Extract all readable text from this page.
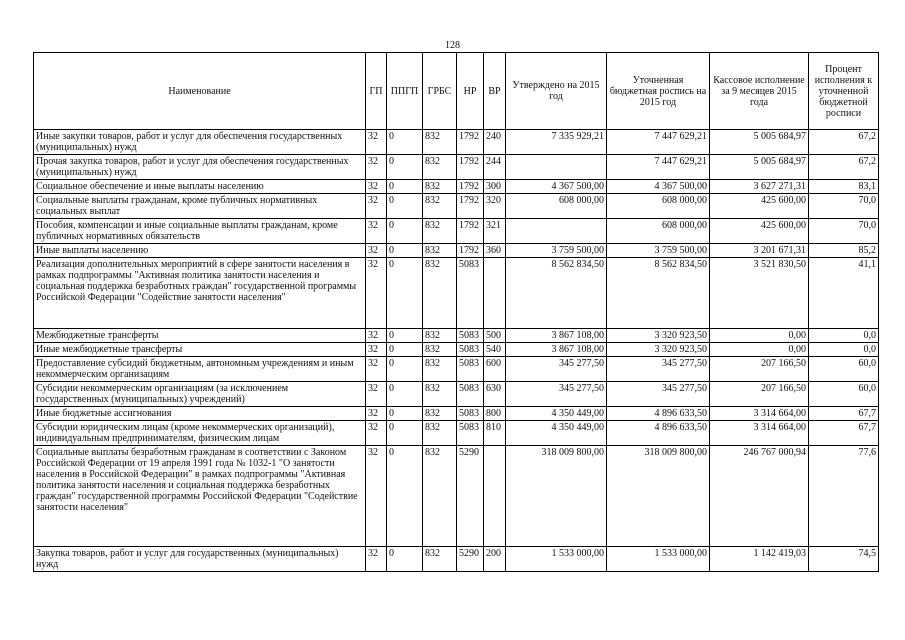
128
Наименование	ГП	ППГП	ГРБС	НР	ВР	Утверждено на 2015 год	Уточненная бюджетная роспись на 2015 год	Кассовое исполнение за 9 месяцев 2015 года	Процент исполнения к уточненной бюджетной росписи
Иные закупки товаров, работ и услуг для обеспечения государственных (муниципальных) нужд	32	0	832	1792	240	7 335 929,21	7 447 629,21	5 005 684,97	67,2
Прочая закупка товаров, работ и услуг для обеспечения государственных (муниципальных) нужд	32	0	832	1792	244		7 447 629,21	5 005 684,97	67,2
Социальное обеспечение и иные выплаты населению	32	0	832	1792	300	4 367 500,00	4 367 500,00	3 627 271,31	83,1
Социальные выплаты гражданам, кроме публичных нормативных социальных выплат	32	0	832	1792	320	608 000,00	608 000,00	425 600,00	70,0
Пособия, компенсации и иные социальные выплаты гражданам, кроме публичных нормативных обязательств	32	0	832	1792	321		608 000,00	425 600,00	70,0
Иные выплаты населению	32	0	832	1792	360	3 759 500,00	3 759 500,00	3 201 671,31	85,2
Реализация дополнительных мероприятий в сфере занятости населения в рамках подпрограммы "Активная политика занятости населения и социальная поддержка безработных граждан" государственной программы Российской Федерации "Содействие занятости населения"	32	0	832	5083		8 562 834,50	8 562 834,50	3 521 830,50	41,1
Межбюджетные трансферты	32	0	832	5083	500	3 867 108,00	3 320 923,50	0,00	0,0
Иные межбюджетные трансферты	32	0	832	5083	540	3 867 108,00	3 320 923,50	0,00	0,0
Предоставление субсидий бюджетным, автономным учреждениям и иным некоммерческим организациям	32	0	832	5083	600	345 277,50	345 277,50	207 166,50	60,0
Субсидии некоммерческим организациям (за исключением государственных (муниципальных) учреждений)	32	0	832	5083	630	345 277,50	345 277,50	207 166,50	60,0
Иные бюджетные ассигнования	32	0	832	5083	800	4 350 449,00	4 896 633,50	3 314 664,00	67,7
Субсидии юридическим лицам (кроме некоммерческих организаций), индивидуальным предпринимателям, физическим лицам	32	0	832	5083	810	4 350 449,00	4 896 633,50	3 314 664,00	67,7
Социальные выплаты безработным гражданам в соответствии с Законом Российской Федерации от 19 апреля 1991 года № 1032-1 "О занятости населения в Российской Федерации" в рамках подпрограммы "Активная политика занятости населения и социальная поддержка безработных граждан" государственной программы Российской Федерации "Содействие занятости населения"	32	0	832	5290		318 009 800,00	318 009 800,00	246 767 000,94	77,6
Закупка товаров, работ и услуг для государственных (муниципальных) нужд	32	0	832	5290	200	1 533 000,00	1 533 000,00	1 142 419,03	74,5
